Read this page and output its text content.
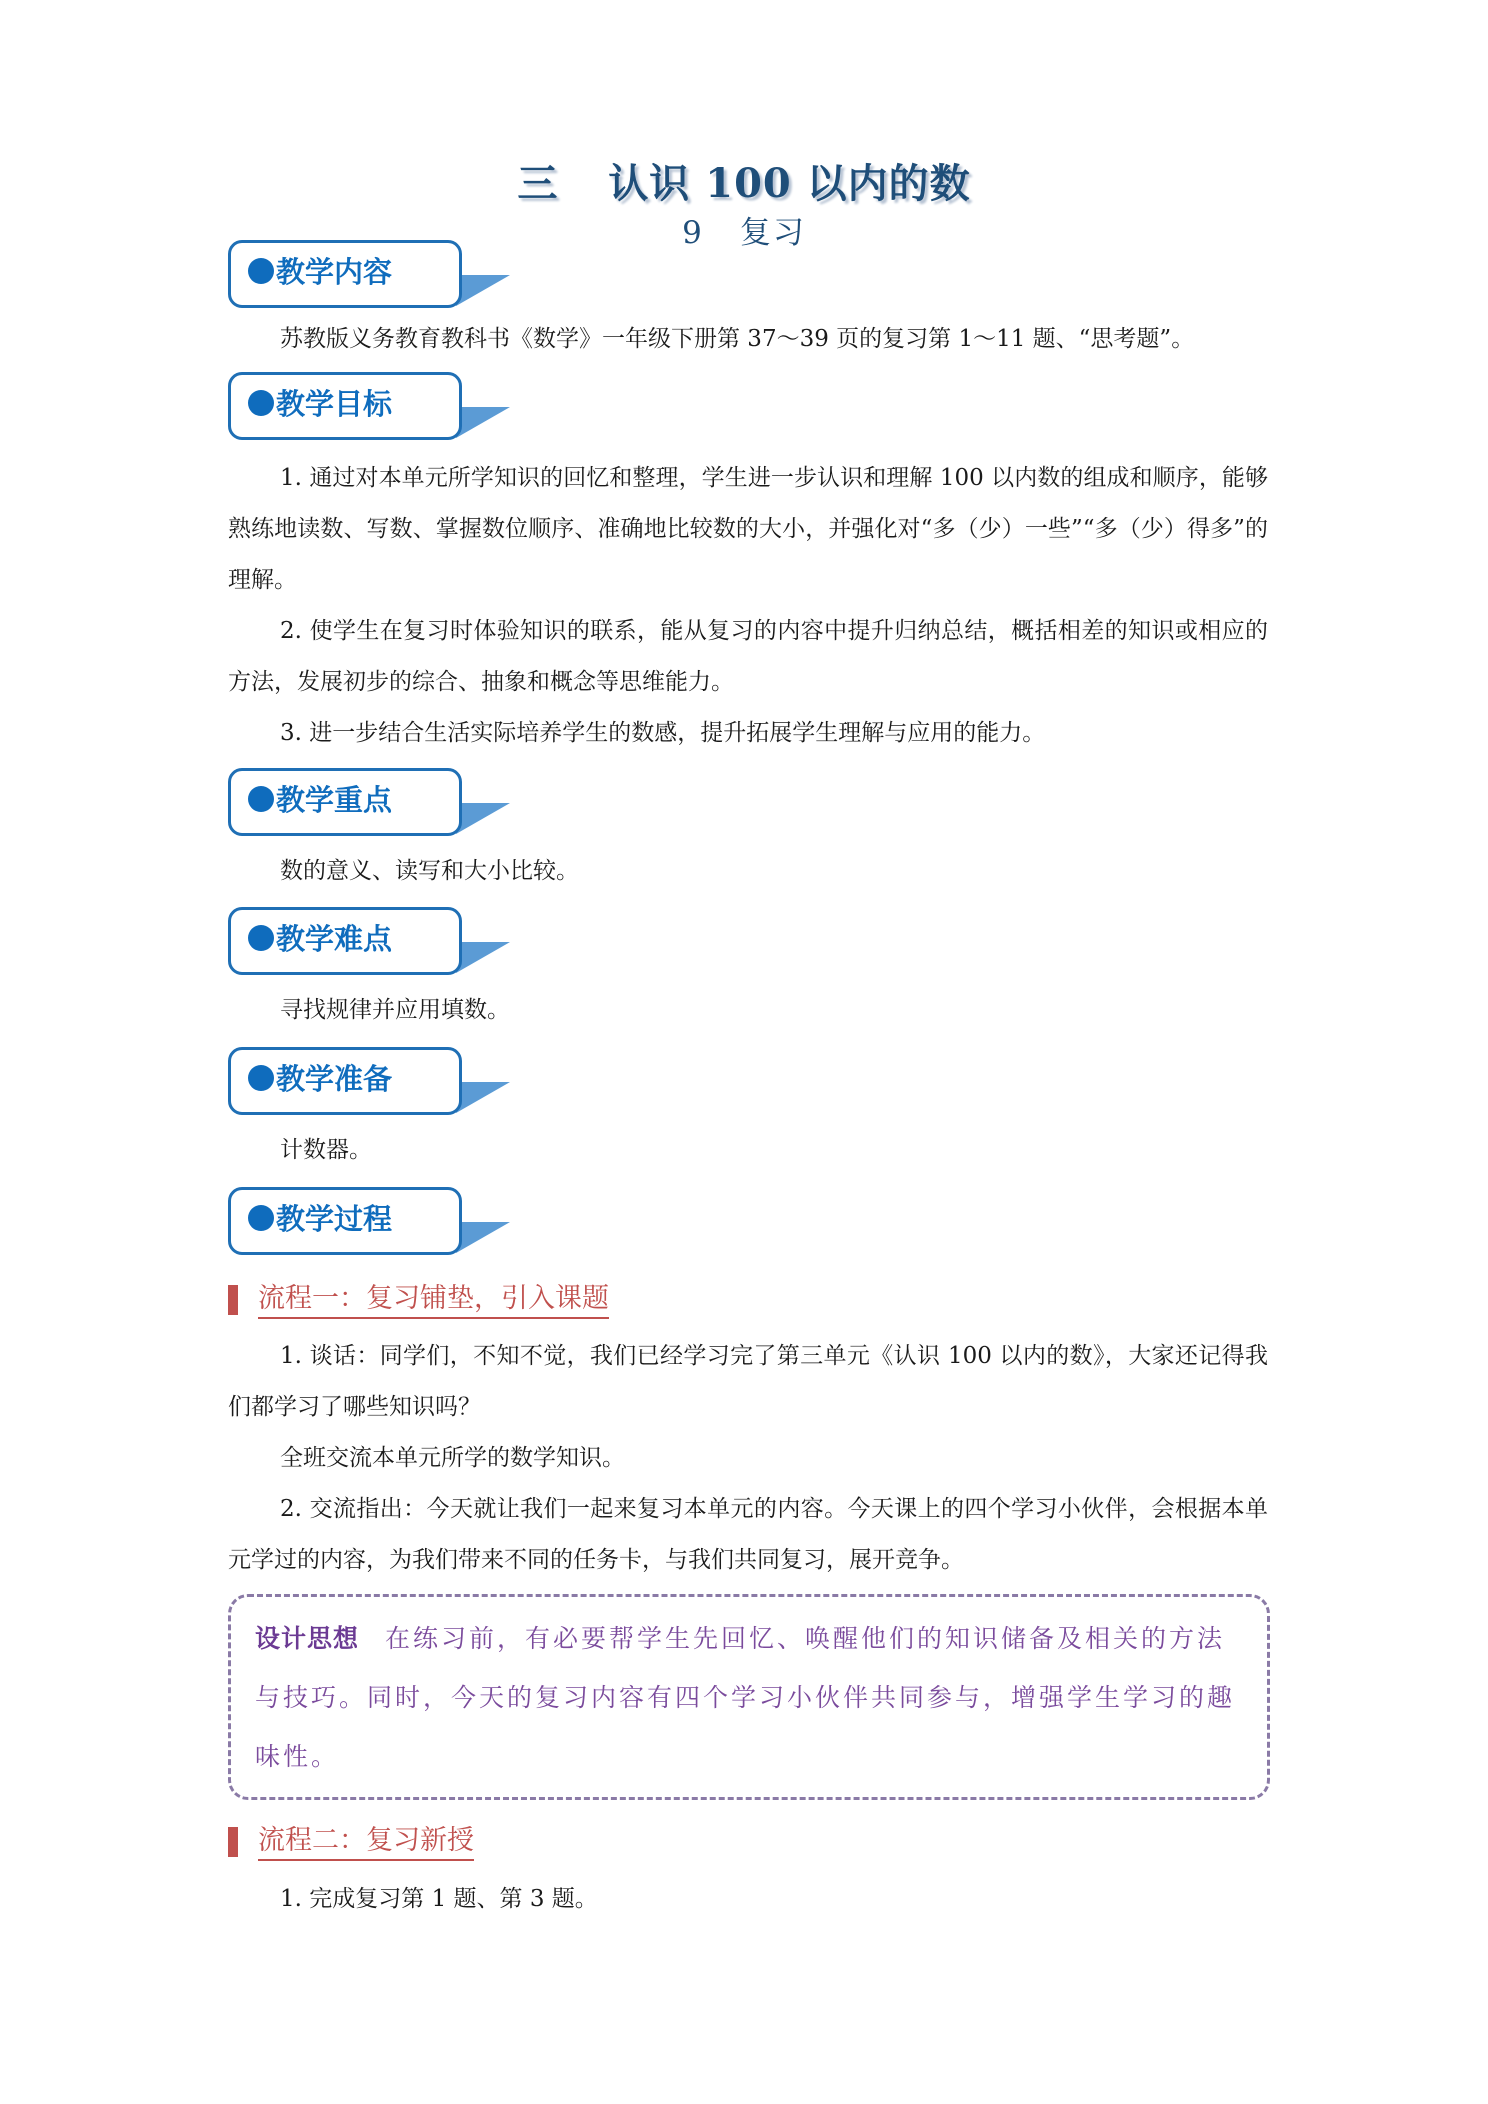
三 认识 100 以内的数
9 复习
教学内容
苏教版义务教育教科书《数学》一年级下册第 37～39 页的复习第 1～11 题、“思考题”。
教学目标
1. 通过对本单元所学知识的回忆和整理，学生进一步认识和理解 100 以内数的组成和顺序，能够熟练地读数、写数、掌握数位顺序、准确地比较数的大小，并强化对“多（少）一些”“多（少）得多”的理解。
2. 使学生在复习时体验知识的联系，能从复习的内容中提升归纳总结，概括相差的知识或相应的方法，发展初步的综合、抽象和概念等思维能力。
3. 进一步结合生活实际培养学生的数感，提升拓展学生理解与应用的能力。
教学重点
数的意义、读写和大小比较。
教学难点
寻找规律并应用填数。
教学准备
计数器。
教学过程
流程一：复习铺垫，引入课题
1. 谈话：同学们，不知不觉，我们已经学习完了第三单元《认识 100 以内的数》，大家还记得我们都学习了哪些知识吗？
全班交流本单元所学的数学知识。
2. 交流指出：今天就让我们一起来复习本单元的内容。今天课上的四个学习小伙伴，会根据本单元学过的内容，为我们带来不同的任务卡，与我们共同复习，展开竞争。
设计思想 在练习前，有必要帮学生先回忆、唤醒他们的知识储备及相关的方法与技巧。同时，今天的复习内容有四个学习小伙伴共同参与，增强学生学习的趣味性。
流程二：复习新授
1. 完成复习第 1 题、第 3 题。
